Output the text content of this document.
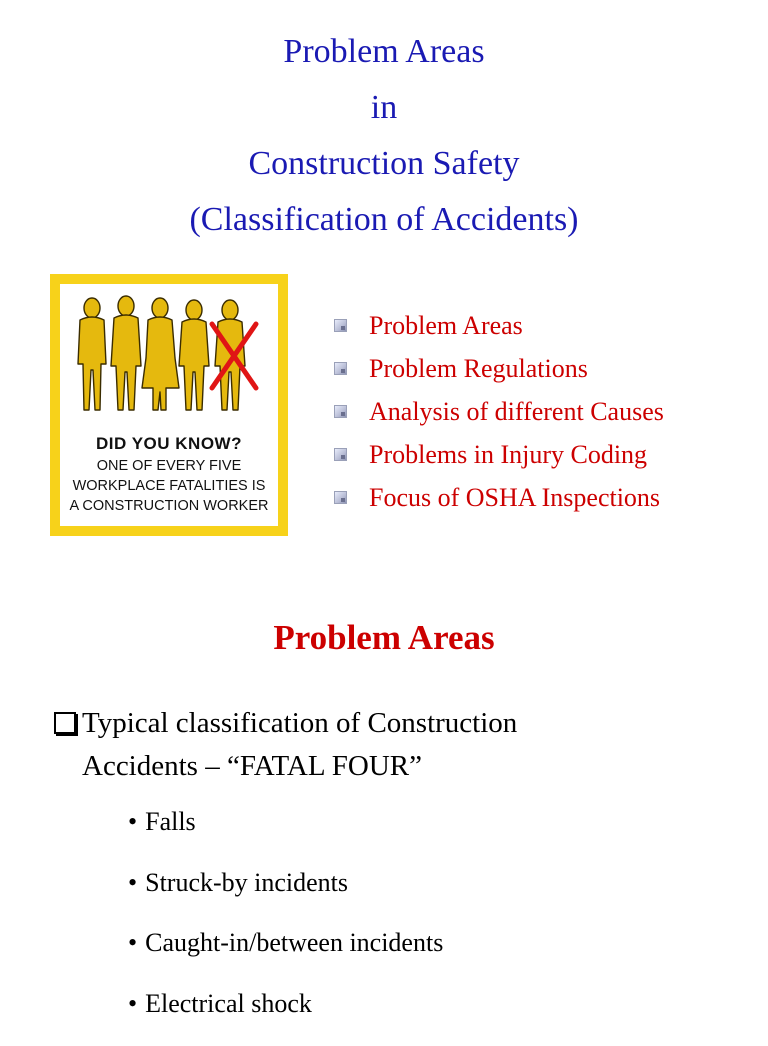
Problem Areas
in
Construction Safety
(Classification of Accidents)
DID YOU KNOW?
ONE OF EVERY FIVE
WORKPLACE FATALITIES IS
A CONSTRUCTION WORKER
Problem Areas
Problem Regulations
Analysis of different Causes
Problems in Injury Coding
Focus of OSHA Inspections
Problem Areas
Typical classification of Construction
Accidents – “FATAL FOUR”
• Falls
• Struck-by incidents
• Caught-in/between incidents
• Electrical shock
